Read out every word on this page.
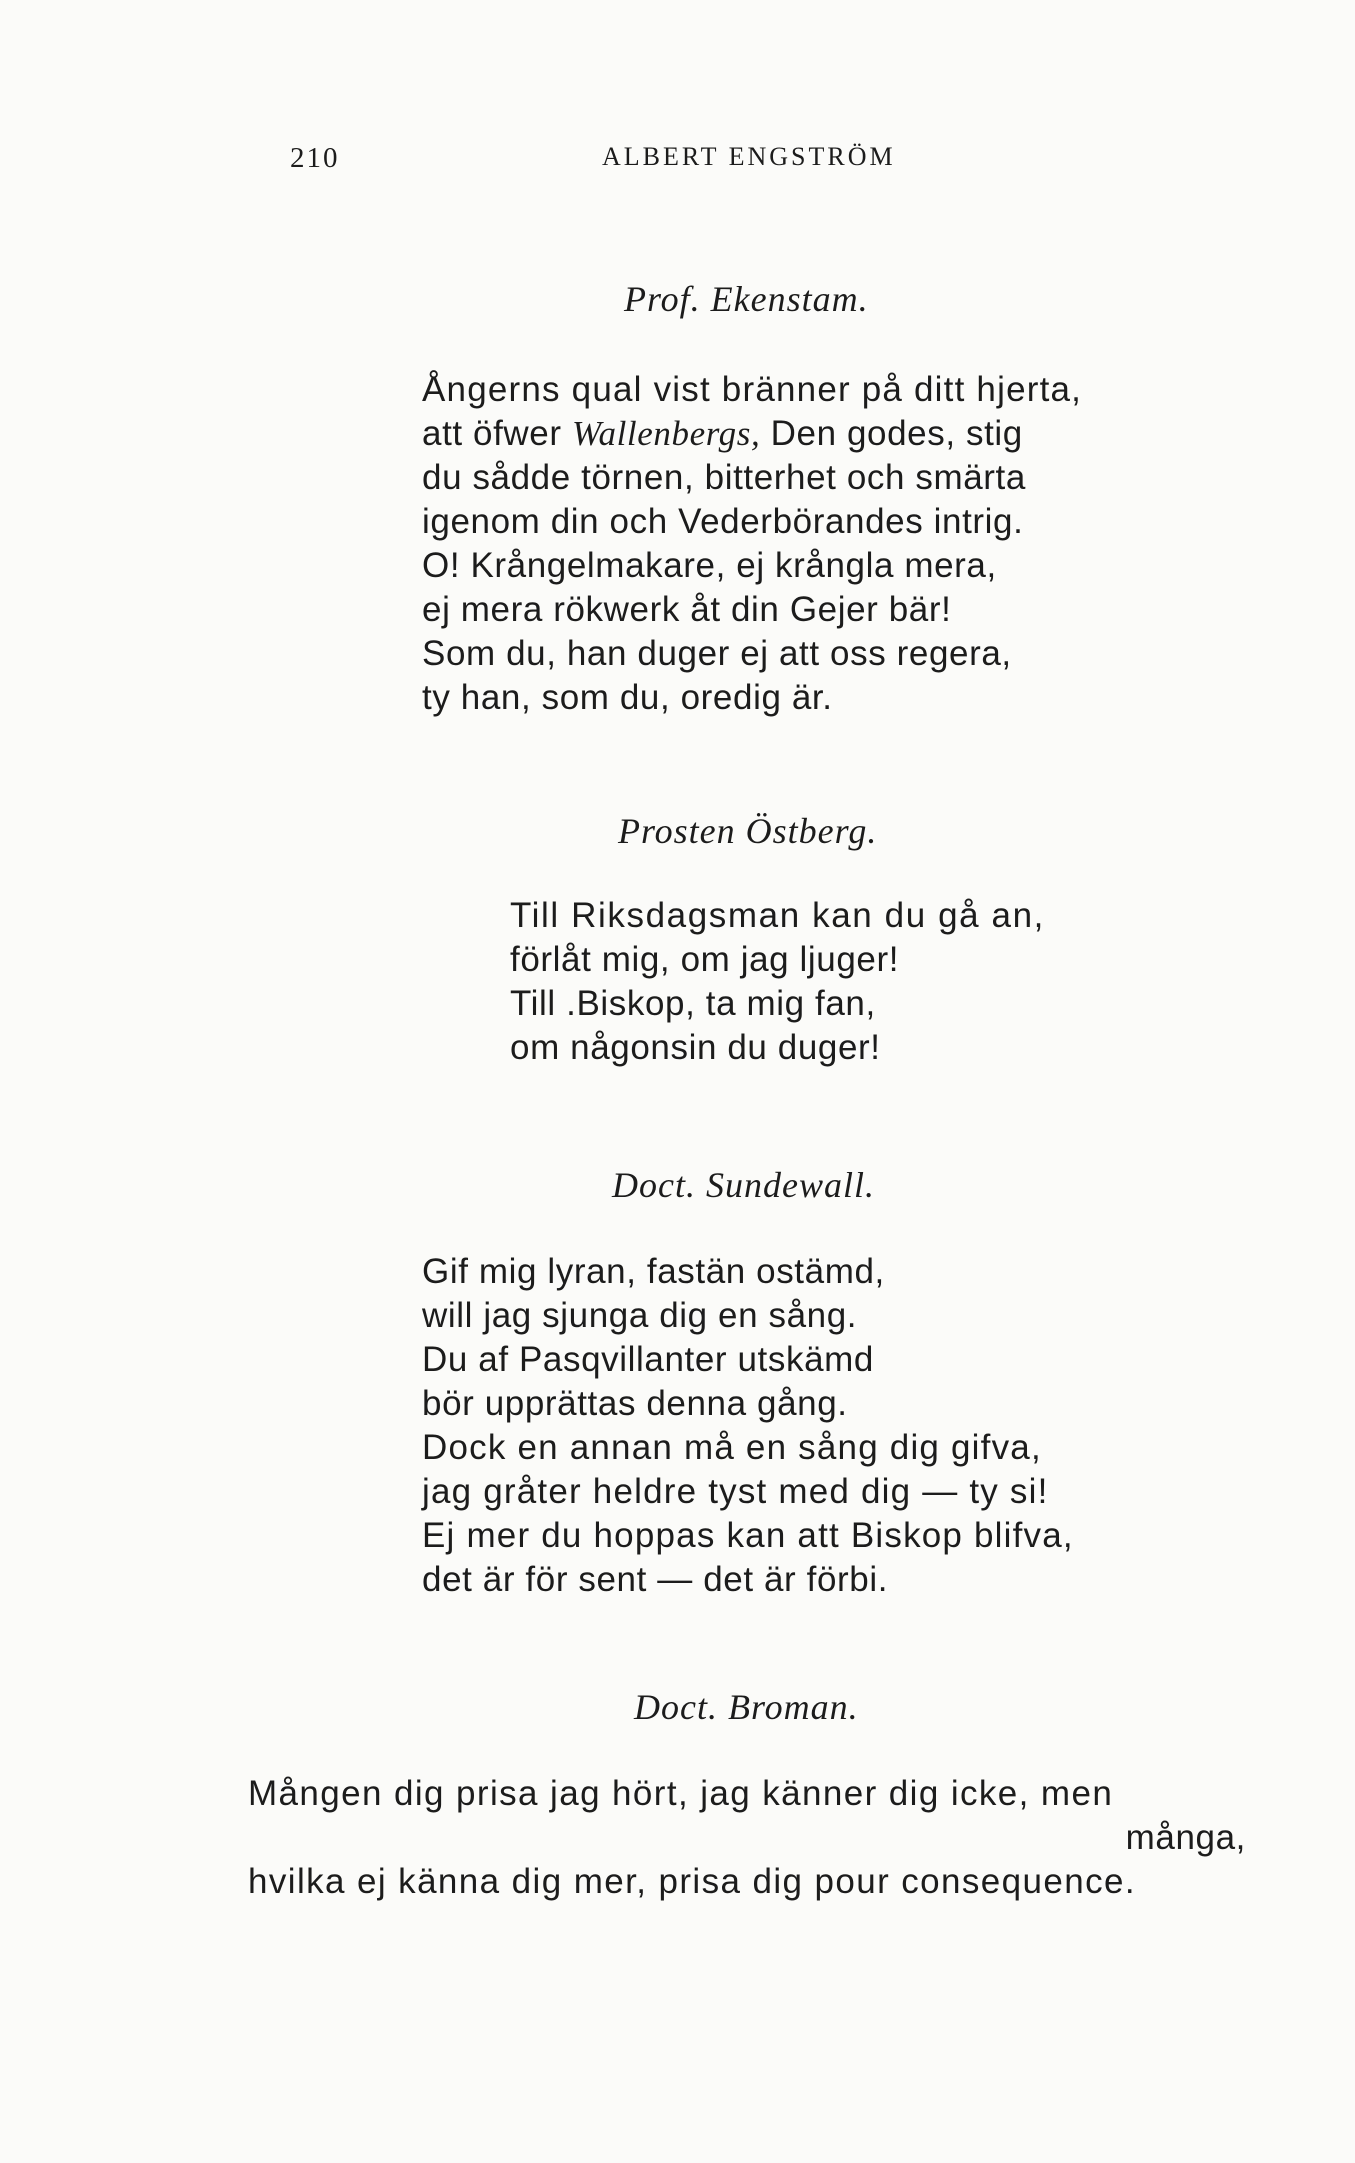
210	ALBERT ENGSTRÖM
Prof. Ekenstam.
Ångerns qual vist bränner på ditt hjerta,
att öfwer Wallenbergs, Den godes, stig
du sådde törnen, bitterhet och smärta
igenom din och Vederbörandes intrig.
O! Krångelmakare, ej krångla mera,
ej mera rökwerk åt din Gejer bär!
Som du, han duger ej att oss regera,
ty han, som du, oredig är.
Prosten Östberg.
Till Riksdagsman kan du gå an,
förlåt mig, om jag ljuger!
Till .Biskop, ta mig fan,
om någonsin du duger!
Doct. Sundewall.
Gif mig lyran, fastän ostämd,
will jag sjunga dig en sång.
Du af Pasqvillanter utskämd
bör upprättas denna gång.
Dock en annan må en sång dig gifva,
jag gråter heldre tyst med dig — ty si!
Ej mer du hoppas kan att Biskop blifva,
det är för sent — det är förbi.
Doct. Broman.
Mången dig prisa jag hört, jag känner dig icke, men
många,
hvilka ej känna dig mer, prisa dig pour consequence.
